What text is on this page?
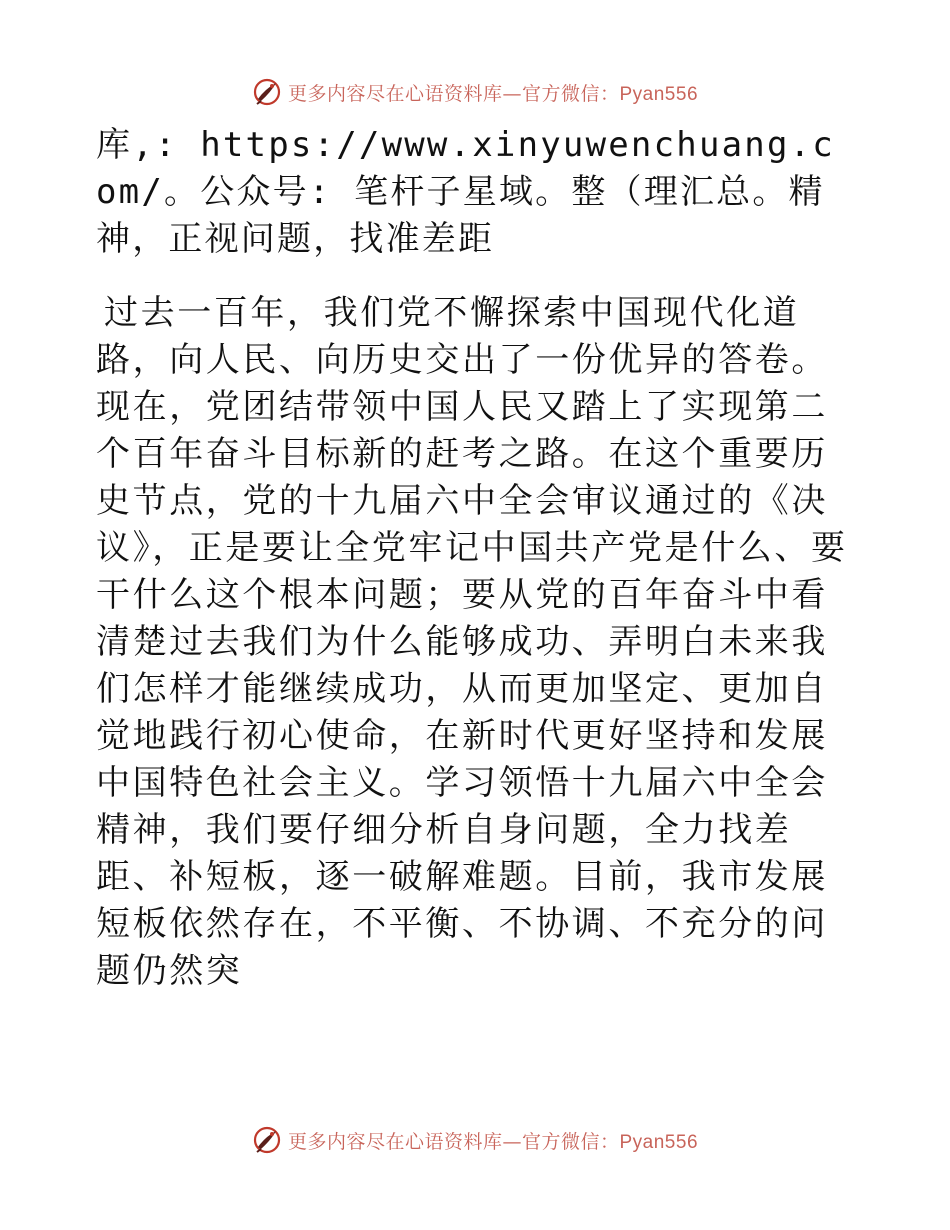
更多内容尽在心语资料库—官方微信：Pyan556

库,: https://www.xinyuwenchuang.com/。公众号: 笔杆子星域。整（理汇总。精神，正视问题，找准差距

过去一百年，我们党不懈探索中国现代化道路，向人民、向历史交出了一份优异的答卷。现在，党团结带领中国人民又踏上了实现第二个百年奋斗目标新的赶考之路。在这个重要历史节点，党的十九届六中全会审议通过的《决议》，正是要让全党牢记中国共产党是什么、要干什么这个根本问题；要从党的百年奋斗中看清楚过去我们为什么能够成功、弄明白未来我们怎样才能继续成功，从而更加坚定、更加自觉地践行初心使命，在新时代更好坚持和发展中国特色社会主义。学习领悟十九届六中全会精神，我们要仔细分析自身问题，全力找差距、补短板，逐一破解难题。目前，我市发展短板依然存在，不平衡、不协调、不充分的问题仍然突

更多内容尽在心语资料库—官方微信：Pyan556
